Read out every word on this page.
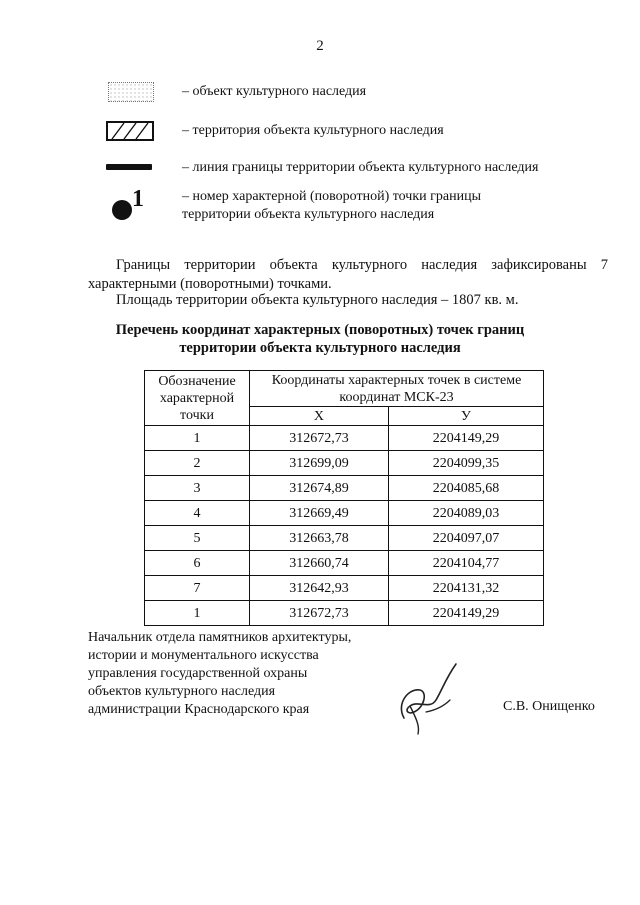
2
– объект культурного наследия
– территория объекта культурного наследия
– линия границы территории объекта культурного наследия
1	– номер характерной (поворотной) точки границы
территории объекта культурного наследия
Границы территории объекта культурного наследия зафиксированы 7
характерными (поворотными) точками.
Площадь территории объекта культурного наследия – 1807 кв. м.
Перечень координат характерных (поворотных) точек границ
территории объекта культурного наследия
Обозначение
характерной
точки	Координаты характерных точек в системе координат МСК-23	
	X	У
1	312672,73	2204149,29
2	312699,09	2204099,35
3	312674,89	2204085,68
4	312669,49	2204089,03
5	312663,78	2204097,07
6	312660,74	2204104,77
7	312642,93	2204131,32
1	312672,73	2204149,29
Начальник отдела памятников архитектуры,
истории и монументального искусства
управления государственной охраны
объектов культурного наследия
администрации Краснодарского края	С.В. Онищенко
